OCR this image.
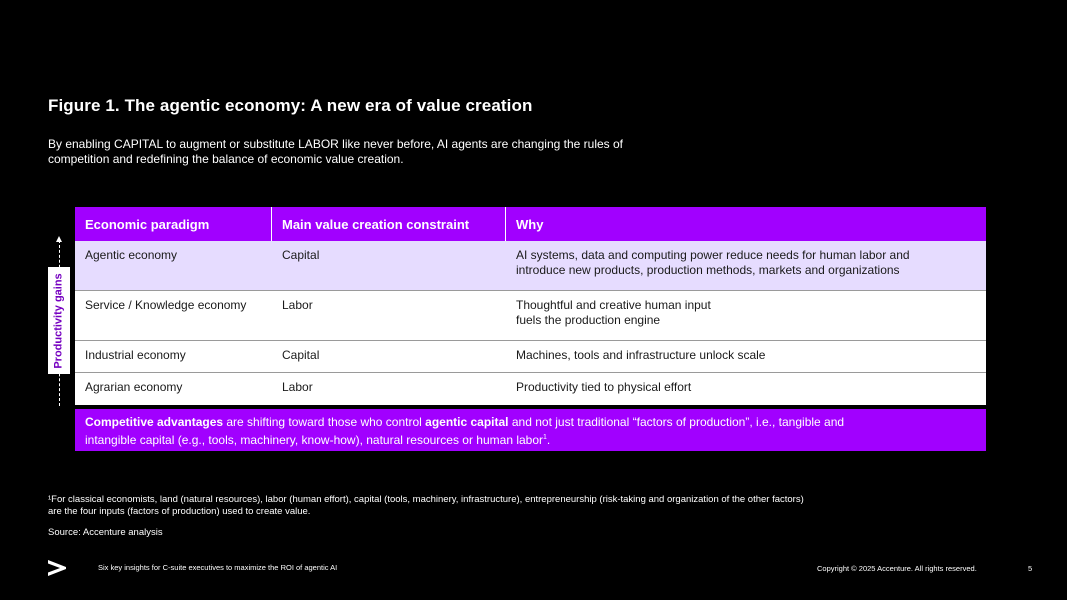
Figure 1. The agentic economy: A new era of value creation
By enabling CAPITAL to augment or substitute LABOR like never before, AI agents are changing the rules of
competition and redefining the balance of economic value creation.
Productivity gains
Economic paradigm	Main value creation constraint	Why
Agentic economy	Capital	AI systems, data and computing power reduce needs for human labor and
introduce new products, production methods, markets and organizations
Service / Knowledge economy	Labor	Thoughtful and creative human input
fuels the production engine
Industrial economy	Capital	Machines, tools and infrastructure unlock scale
Agrarian economy	Labor	Productivity tied to physical effort
Competitive advantages are shifting toward those who control agentic capital and not just traditional “factors of production”, i.e., tangible and
intangible capital (e.g., tools, machinery, know-how), natural resources or human labor$^1$.
¹For classical economists, land (natural resources), labor (human effort), capital (tools, machinery, infrastructure), entrepreneurship (risk-taking and organization of the other factors)
are the four inputs (factors of production) used to create value.
Source: Accenture analysis
Six key insights for C-suite executives to maximize the ROI of agentic AI	Copyright © 2025 Accenture. All rights reserved.	5
